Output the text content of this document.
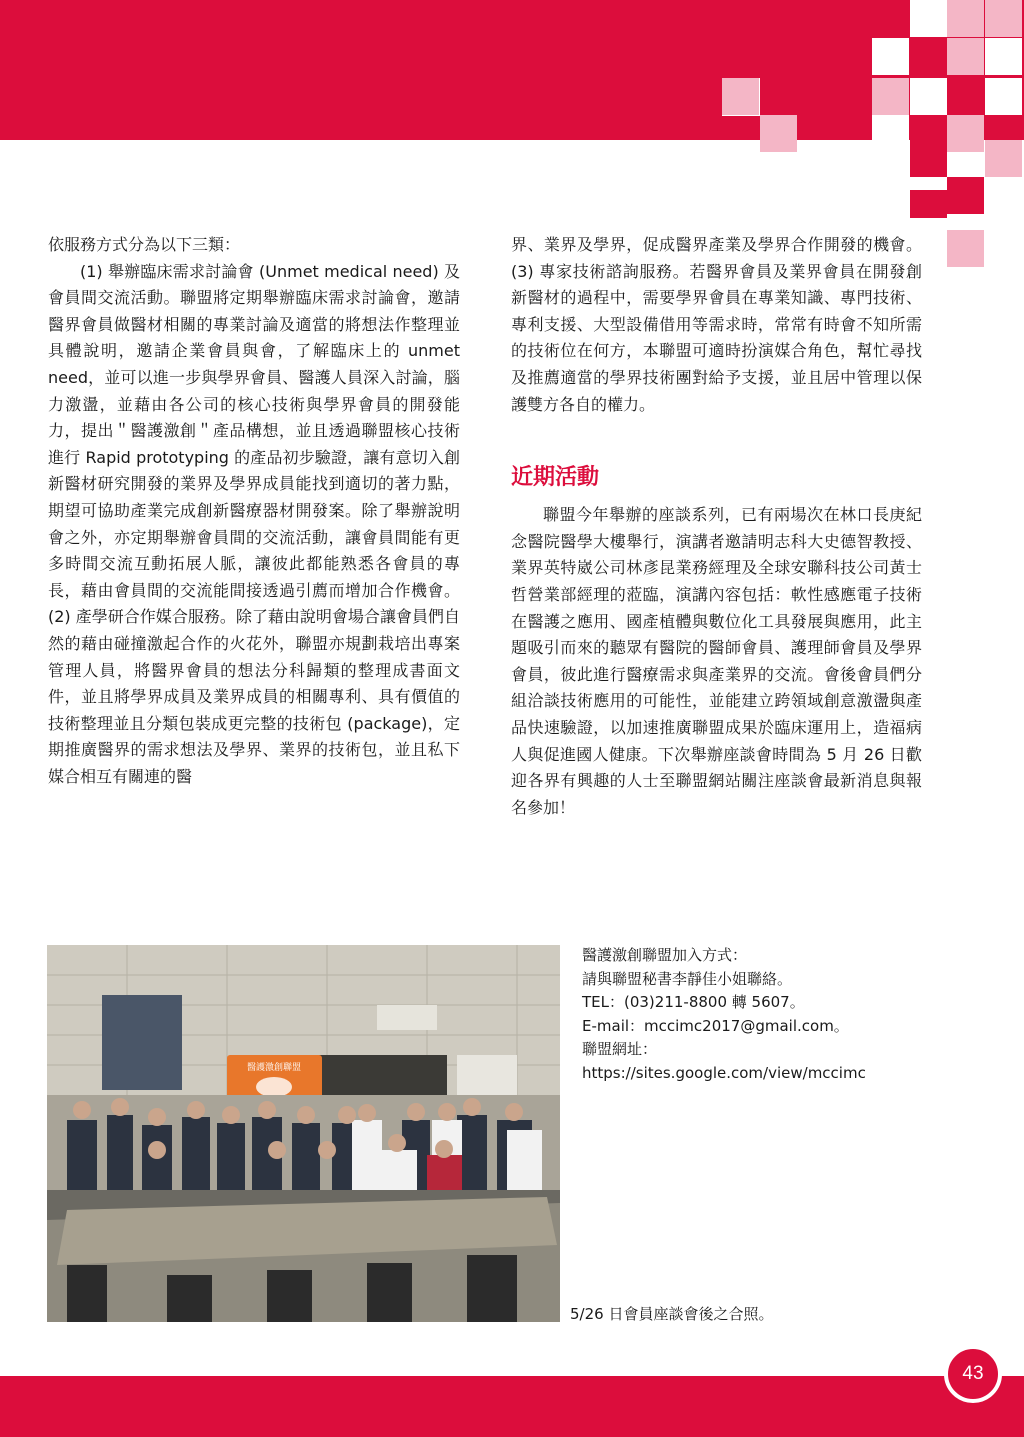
依服務方式分為以下三類：

(1) 舉辦臨床需求討論會 (Unmet medical need) 及會員間交流活動。聯盟將定期舉辦臨床需求討論會，邀請醫界會員做醫材相關的專業討論及適當的將想法作整理並具體說明，邀請企業會員與會，了解臨床上的 unmet need，並可以進一步與學界會員、醫護人員深入討論，腦力激盪，並藉由各公司的核心技術與學界會員的開發能力，提出＂醫護激創＂產品構想，並且透過聯盟核心技術進行 Rapid prototyping 的產品初步驗證，讓有意切入創新醫材研究開發的業界及學界成員能找到適切的著力點，期望可協助產業完成創新醫療器材開發案。除了舉辦說明會之外，亦定期舉辦會員間的交流活動，讓會員間能有更多時間交流互動拓展人脈，讓彼此都能熟悉各會員的專長，藉由會員間的交流能間接透過引薦而增加合作機會。(2) 產學研合作媒合服務。除了藉由說明會場合讓會員們自然的藉由碰撞激起合作的火花外，聯盟亦規劃栽培出專案管理人員，將醫界會員的想法分科歸類的整理成書面文件，並且將學界成員及業界成員的相關專利、具有價值的技術整理並且分類包裝成更完整的技術包 (package)，定期推廣醫界的需求想法及學界、業界的技術包，並且私下媒合相互有關連的醫

界、業界及學界，促成醫界產業及學界合作開發的機會。(3) 專家技術諮詢服務。若醫界會員及業界會員在開發創新醫材的過程中，需要學界會員在專業知識、專門技術、專利支援、大型設備借用等需求時，常常有時會不知所需的技術位在何方，本聯盟可適時扮演媒合角色，幫忙尋找及推薦適當的學界技術團對給予支援，並且居中管理以保護雙方各自的權力。

近期活動

聯盟今年舉辦的座談系列，已有兩場次在林口長庚紀念醫院醫學大樓舉行，演講者邀請明志科大史德智教授、業界英特崴公司林彥昆業務經理及全球安聯科技公司黃士哲營業部經理的蒞臨，演講內容包括：軟性感應電子技術在醫護之應用、國產植體與數位化工具發展與應用，此主題吸引而來的聽眾有醫院的醫師會員、護理師會員及學界會員，彼此進行醫療需求與產業界的交流。會後會員們分組洽談技術應用的可能性，並能建立跨領域創意激盪與產品快速驗證，以加速推廣聯盟成果於臨床運用上，造福病人與促進國人健康。下次舉辦座談會時間為 5 月 26 日歡迎各界有興趣的人士至聯盟網站關注座談會最新消息與報名參加！

醫護激創聯盟
醫護激創聯盟加入方式：
請與聯盟秘書李靜佳小姐聯絡。
TEL：(03)211-8800 轉 5607。
E-mail：mccimc2017@gmail.com。
聯盟網址：
https://sites.google.com/view/mccimc
5/26 日會員座談會後之合照。
43
